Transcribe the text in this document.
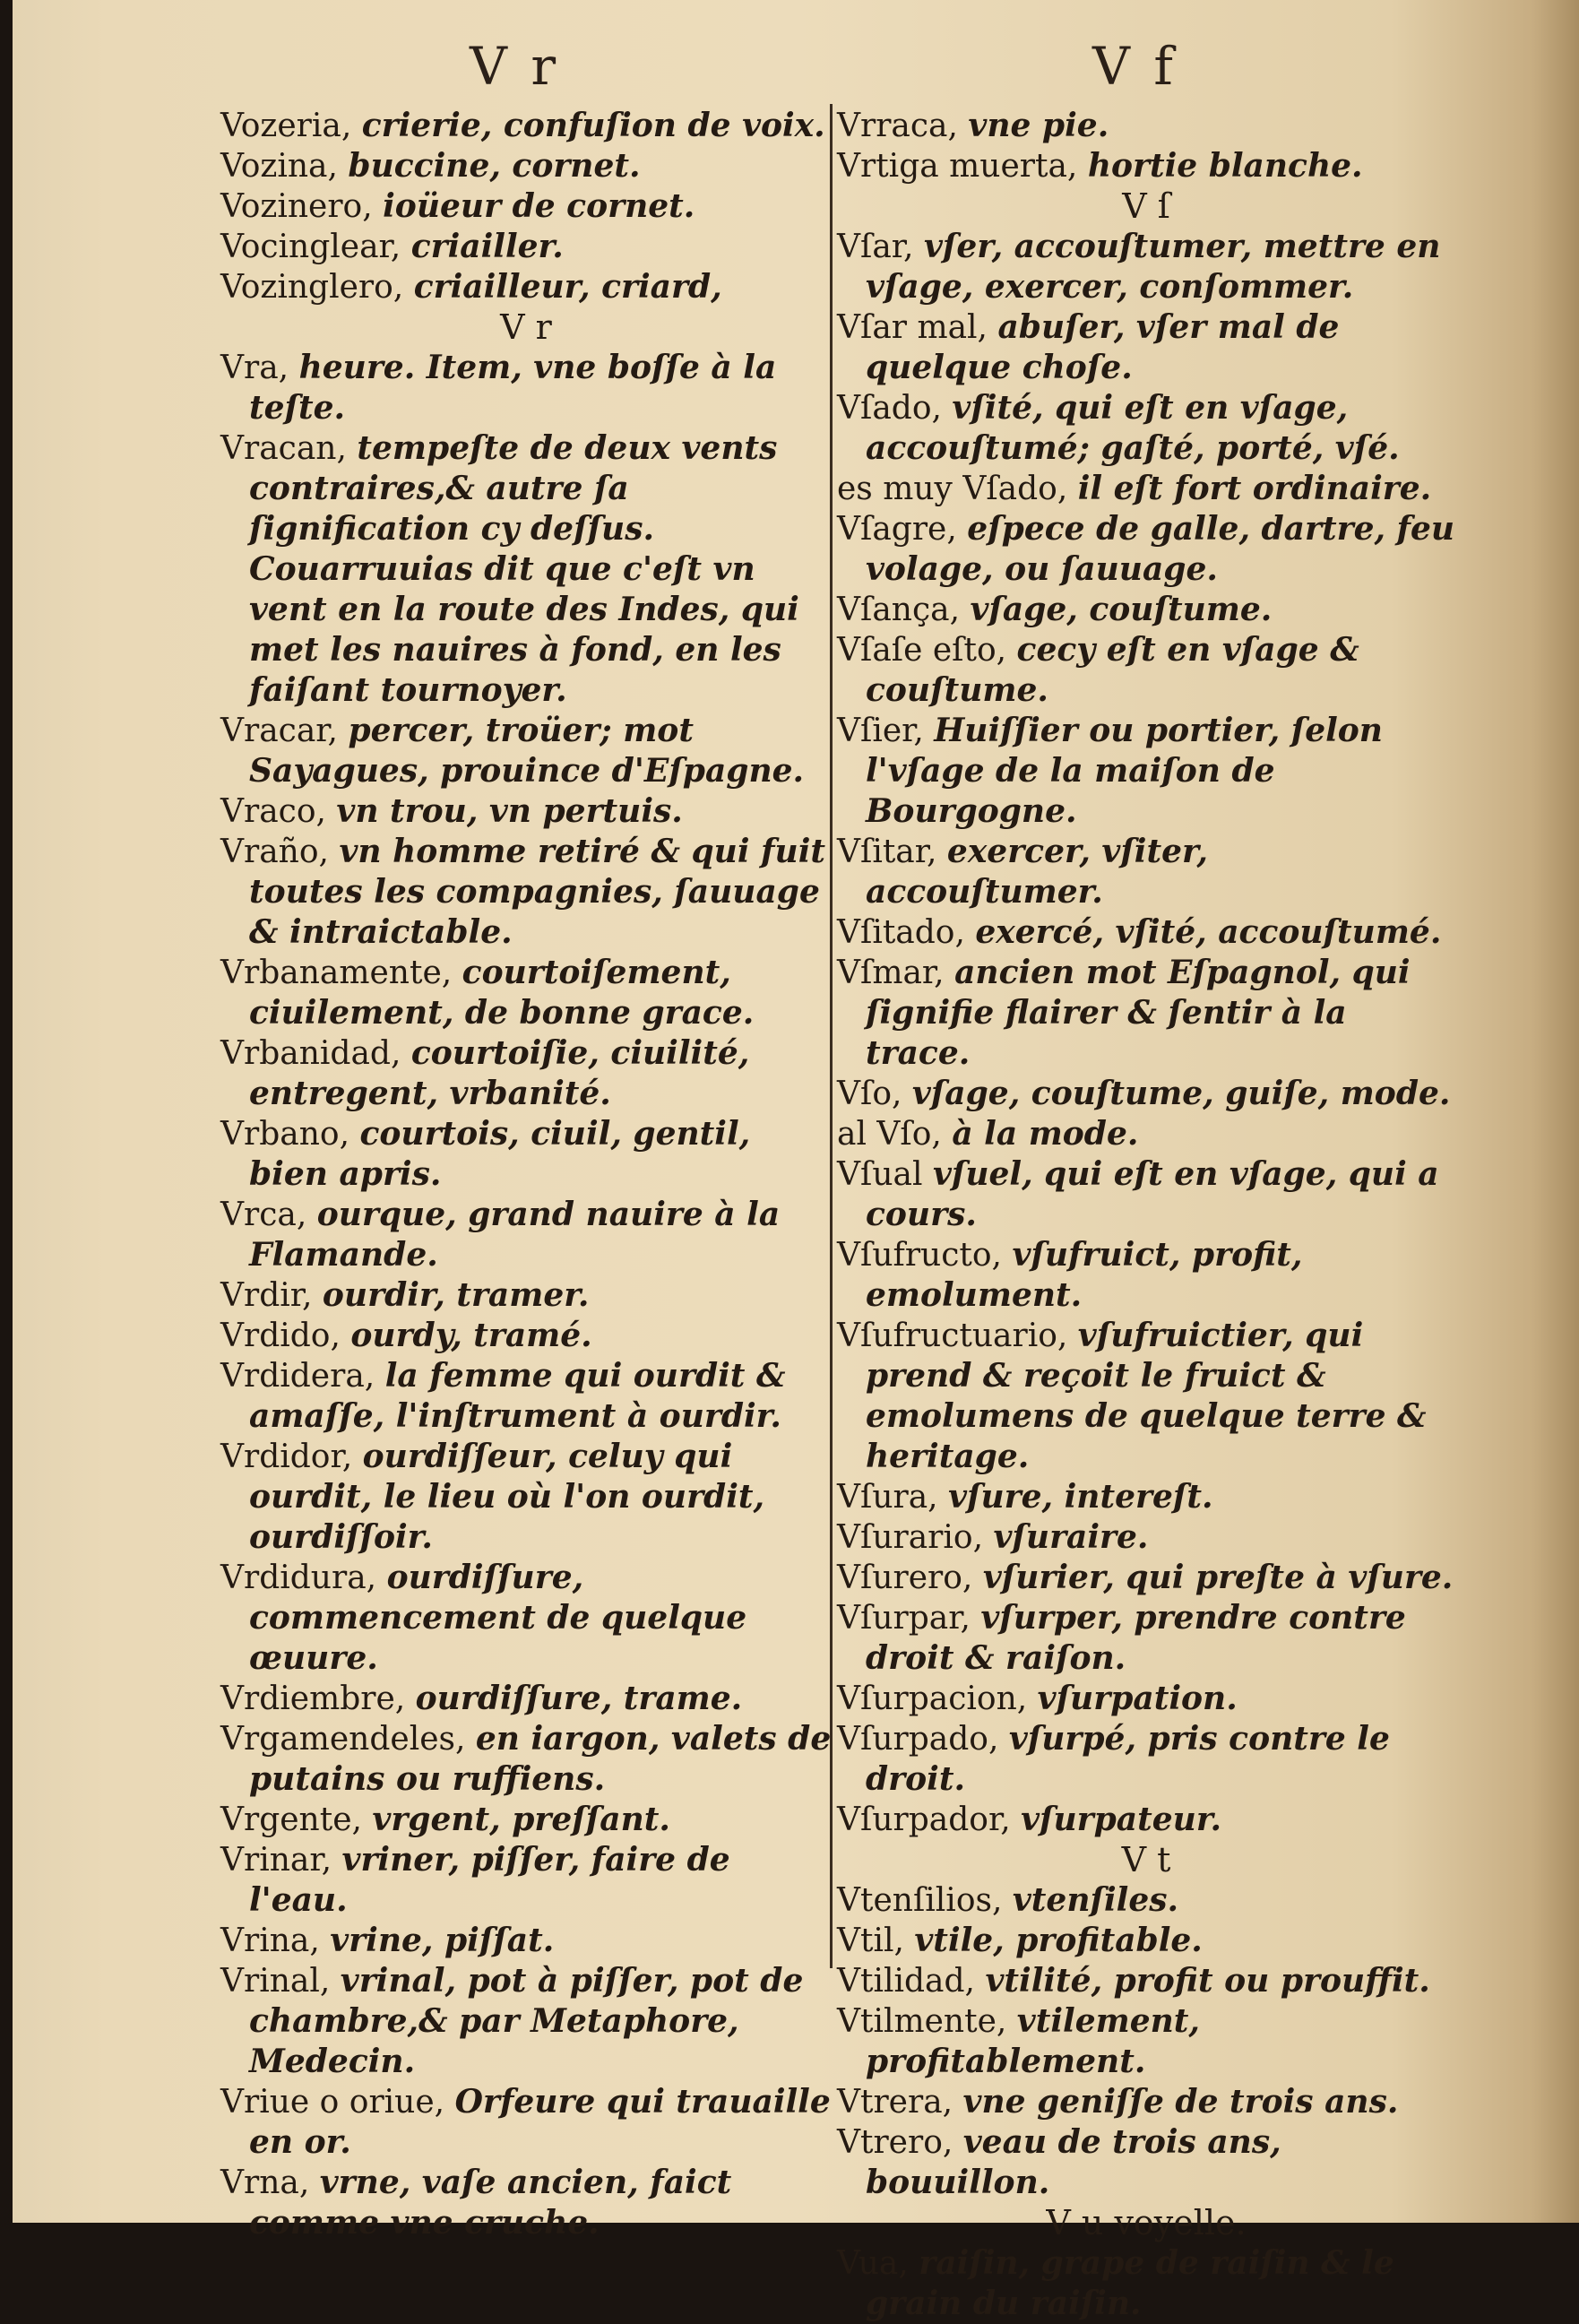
V r	V f
Vozeria, crierie, confuſion de voix.
Vozina, buccine, cornet.
Vozinero, ioüeur de cornet.
Vocinglear, criailler.
Vozinglero, criailleur, criard,
V r
Vra, heure. Item, vne boſſe à la teſte.
Vracan, tempeſte de deux vents contraires,& autre ſa ſignification cy deſſus. Couarruuias dit que c'eſt vn vent en la route des Indes, qui met les nauires à fond, en les faiſant tournoyer.
Vracar, percer, troüer; mot Sayagues, prouince d'Eſpagne.
Vraco, vn trou, vn pertuis.
Vraño, vn homme retiré & qui fuit toutes les compagnies, ſauuage & intraictable.
Vrbanamente, courtoiſement, ciuilement, de bonne grace.
Vrbanidad, courtoiſie, ciuilité, entregent, vrbanité.
Vrbano, courtois, ciuil, gentil, bien apris.
Vrca, ourque, grand nauire à la Flamande.
Vrdir, ourdir, tramer.
Vrdido, ourdy, tramé.
Vrdidera, la femme qui ourdit & amaſſe, l'inſtrument à ourdir.
Vrdidor, ourdiſſeur, celuy qui ourdit, le lieu où l'on ourdit, ourdiſſoir.
Vrdidura, ourdiſſure, commencement de quelque œuure.
Vrdiembre, ourdiſſure, trame.
Vrgamendeles, en iargon, valets de putains ou ruffiens.
Vrgente, vrgent, preſſant.
Vrinar, vriner, piſſer, faire de l'eau.
Vrina, vrine, piſſat.
Vrinal, vrinal, pot à piſſer, pot de chambre,& par Metaphore, Medecin.
Vriue o oriue, Orfeure qui trauaille en or.
Vrna, vrne, vaſe ancien, faict comme vne cruche.
Vrraca, vne pie.
Vrtiga muerta, hortie blanche.
V ſ
Vſar, vſer, accouſtumer, mettre en vſage, exercer, conſommer.
Vſar mal, abuſer, vſer mal de quelque choſe.
Vſado, vſité, qui eſt en vſage, accouſtumé; gaſté, porté, vſé.
es muy Vſado, il eſt fort ordinaire.
Vſagre, eſpece de galle, dartre, feu volage, ou ſauuage.
Vſança, vſage, couſtume.
Vſaſe eſto, cecy eſt en vſage & couſtume.
Vſier, Huiſſier ou portier, ſelon l'vſage de la maiſon de Bourgogne.
Vſitar, exercer, vſiter, accouſtumer.
Vſitado, exercé, vſité, accouſtumé.
Vſmar, ancien mot Eſpagnol, qui ſignifie flairer & ſentir à la trace.
Vſo, vſage, couſtume, guiſe, mode.
al Vſo, à la mode.
Vſual vſuel, qui eſt en vſage, qui a cours.
Vſufructo, vſufruict, profit, emolument.
Vſufructuario, vſufruictier, qui prend & reçoit le fruict & emolumens de quelque terre & heritage.
Vſura, vſure, intereſt.
Vſurario, vſuraire.
Vſurero, vſurier, qui preſte à vſure.
Vſurpar, vſurper, prendre contre droit & raiſon.
Vſurpacion, vſurpation.
Vſurpado, vſurpé, pris contre le droit.
Vſurpador, vſurpateur.
V t
Vtenſilios, vtenſiles.
Vtil, vtile, profitable.
Vtilidad, vtilité, profit ou prouffit.
Vtilmente, vtilement, profitablement.
Vtrera, vne geniſſe de trois ans.
Vtrero, veau de trois ans, bouuillon.
V u voyelle.
Vua, raiſin, grape de raiſin & le grain du raiſin.
